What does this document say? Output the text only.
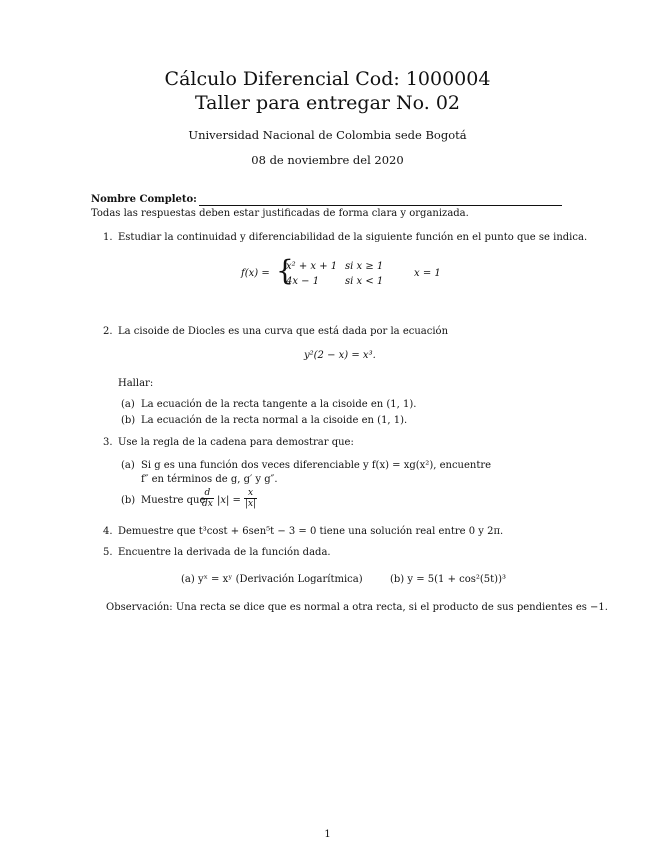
Cálculo Diferencial Cod: 1000004
Taller para entregar No. 02
Universidad Nacional de Colombia sede Bogotá
08 de noviembre del 2020
Nombre Completo:
Todas las respuestas deben estar justificadas de forma clara y organizada.
1. Estudiar la continuidad y diferenciabilidad de la siguiente función en el punto que se indica.
f(x) = {
x² + x + 1 si x ≥ 1
4x − 1	si x < 1
x = 1
2. La cisoide de Diocles es una curva que está dada por la ecuación
y²(2 − x) = x³.
Hallar:
(a) La ecuación de la recta tangente a la cisoide en (1, 1).
(b) La ecuación de la recta normal a la cisoide en (1, 1).
3. Use la regla de la cadena para demostrar que:
(a) Si g es una función dos veces diferenciable y f(x) = xg(x²), encuentre
f″ en términos de g, g′ y g″.
(b) Muestre que
$\frac{d}{dx} |x| = \frac{x}{|x|}$
4. Demuestre que t³cost + 6sen⁵t − 3 = 0 tiene una solución real entre 0 y 2π.
5. Encuentre la derivada de la función dada.
(a) yˣ = xʸ (Derivación Logarítmica)	(b) y = 5(1 + cos²(5t))³
Observación: Una recta se dice que es normal a otra recta, si el producto de sus pendientes es −1.
1
